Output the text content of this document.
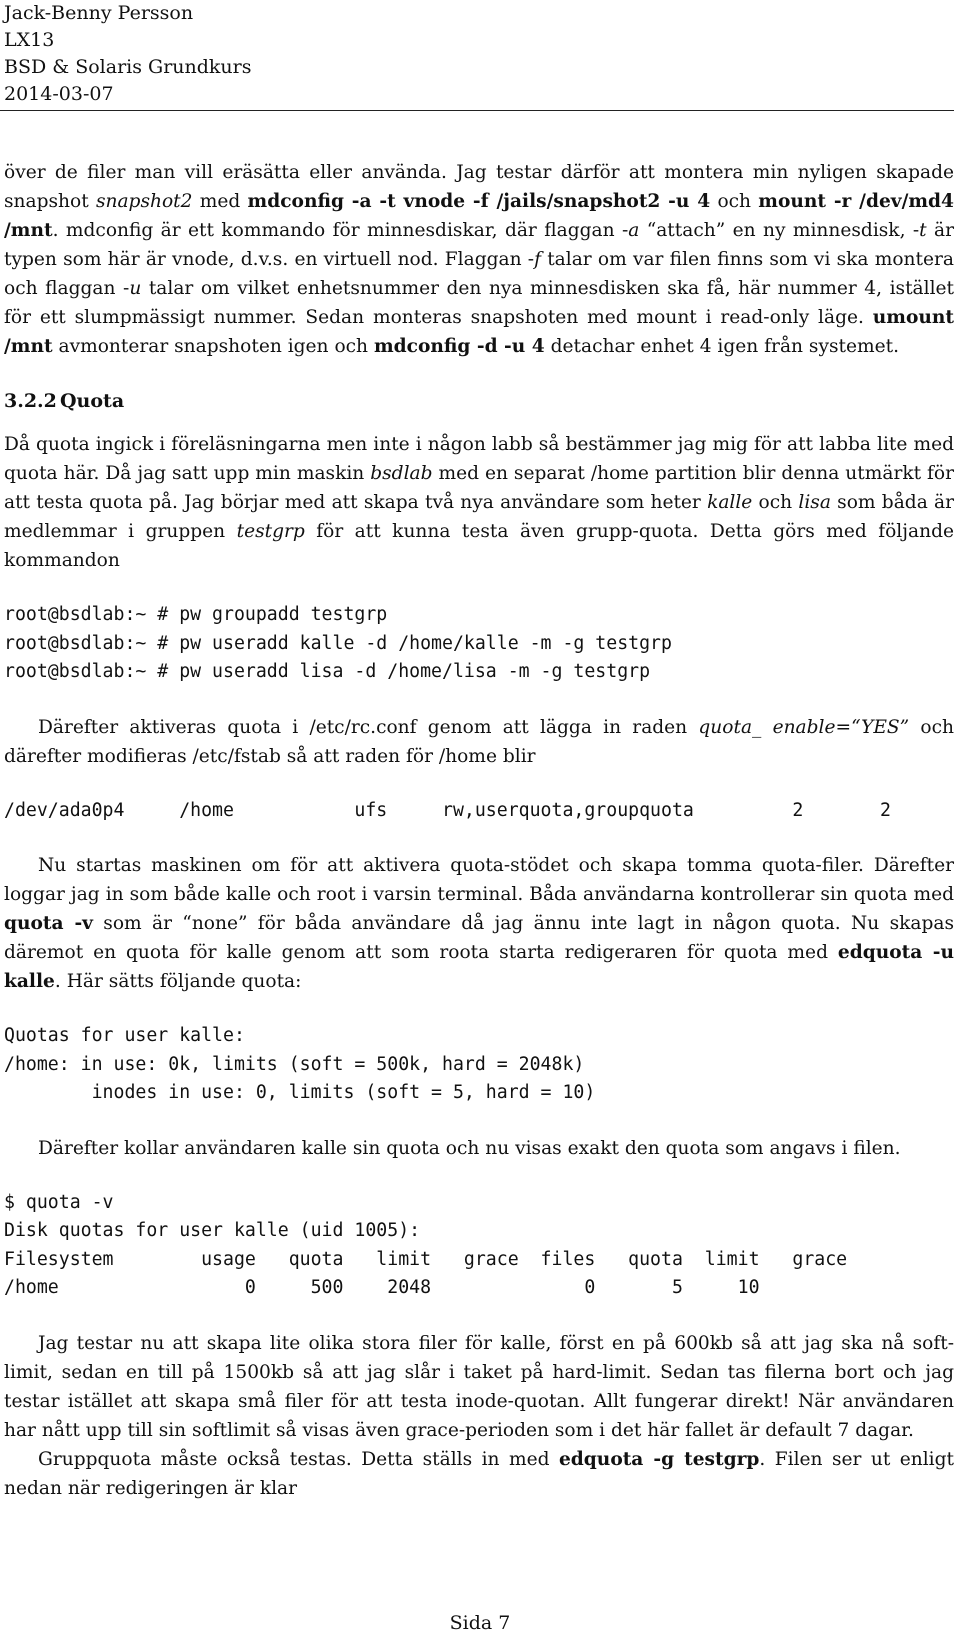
Jack-Benny Persson
LX13
BSD & Solaris Grundkurs
2014-03-07

över de filer man vill eräsätta eller använda. Jag testar därför att montera min nyligen skapade snapshot snapshot2 med mdconfig -a -t vnode -f /jails/snapshot2 -u 4 och mount -r /dev/md4 /mnt. mdconfig är ett kommando för minnesdiskar, där flaggan -a “attach” en ny minnesdisk, -t är typen som här är vnode, d.v.s. en virtuell nod. Flaggan -f talar om var filen finns som vi ska montera och flaggan -u talar om vilket enhetsnummer den nya minnesdisken ska få, här nummer 4, istället för ett slumpmässigt nummer. Sedan monteras snapshoten med mount i read-only läge. umount /mnt avmonterar snapshoten igen och mdconfig -d -u 4 detachar enhet 4 igen från systemet.

3.2.2 Quota

Då quota ingick i föreläsningarna men inte i någon labb så bestämmer jag mig för att labba lite med quota här. Då jag satt upp min maskin bsdlab med en separat /home partition blir denna utmärkt för att testa quota på. Jag börjar med att skapa två nya användare som heter kalle och lisa som båda är medlemmar i gruppen testgrp för att kunna testa även grupp-quota. Detta görs med följande kommandon

root@bsdlab:~ # pw groupadd testgrp
root@bsdlab:~ # pw useradd kalle -d /home/kalle -m -g testgrp
root@bsdlab:~ # pw useradd lisa -d /home/lisa -m -g testgrp

Därefter aktiveras quota i /etc/rc.conf genom att lägga in raden quota_ enable=“YES” och därefter modifieras /etc/fstab så att raden för /home blir

/dev/ada0p4     /home           ufs     rw,userquota,groupquota         2       2

Nu startas maskinen om för att aktivera quota-stödet och skapa tomma quota-filer. Därefter loggar jag in som både kalle och root i varsin terminal. Båda användarna kontrollerar sin quota med quota -v som är “none” för båda användare då jag ännu inte lagt in någon quota. Nu skapas däremot en quota för kalle genom att som roota starta redigeraren för quota med edquota -u kalle. Här sätts följande quota:

Quotas for user kalle:
/home: in use: 0k, limits (soft = 500k, hard = 2048k)
inodes in use: 0, limits (soft = 5, hard = 10)

Därefter kollar användaren kalle sin quota och nu visas exakt den quota som angavs i filen.

$ quota -v
Disk quotas for user kalle (uid 1005):
Filesystem        usage   quota   limit   grace  files   quota  limit   grace
/home                 0     500    2048              0       5     10

Jag testar nu att skapa lite olika stora filer för kalle, först en på 600kb så att jag ska nå soft-limit, sedan en till på 1500kb så att jag slår i taket på hard-limit. Sedan tas filerna bort och jag testar istället att skapa små filer för att testa inode-quotan. Allt fungerar direkt! När användaren har nått upp till sin softlimit så visas även grace-perioden som i det här fallet är default 7 dagar.

Gruppquota måste också testas. Detta ställs in med edquota -g testgrp. Filen ser ut enligt nedan när redigeringen är klar

Sida 7
